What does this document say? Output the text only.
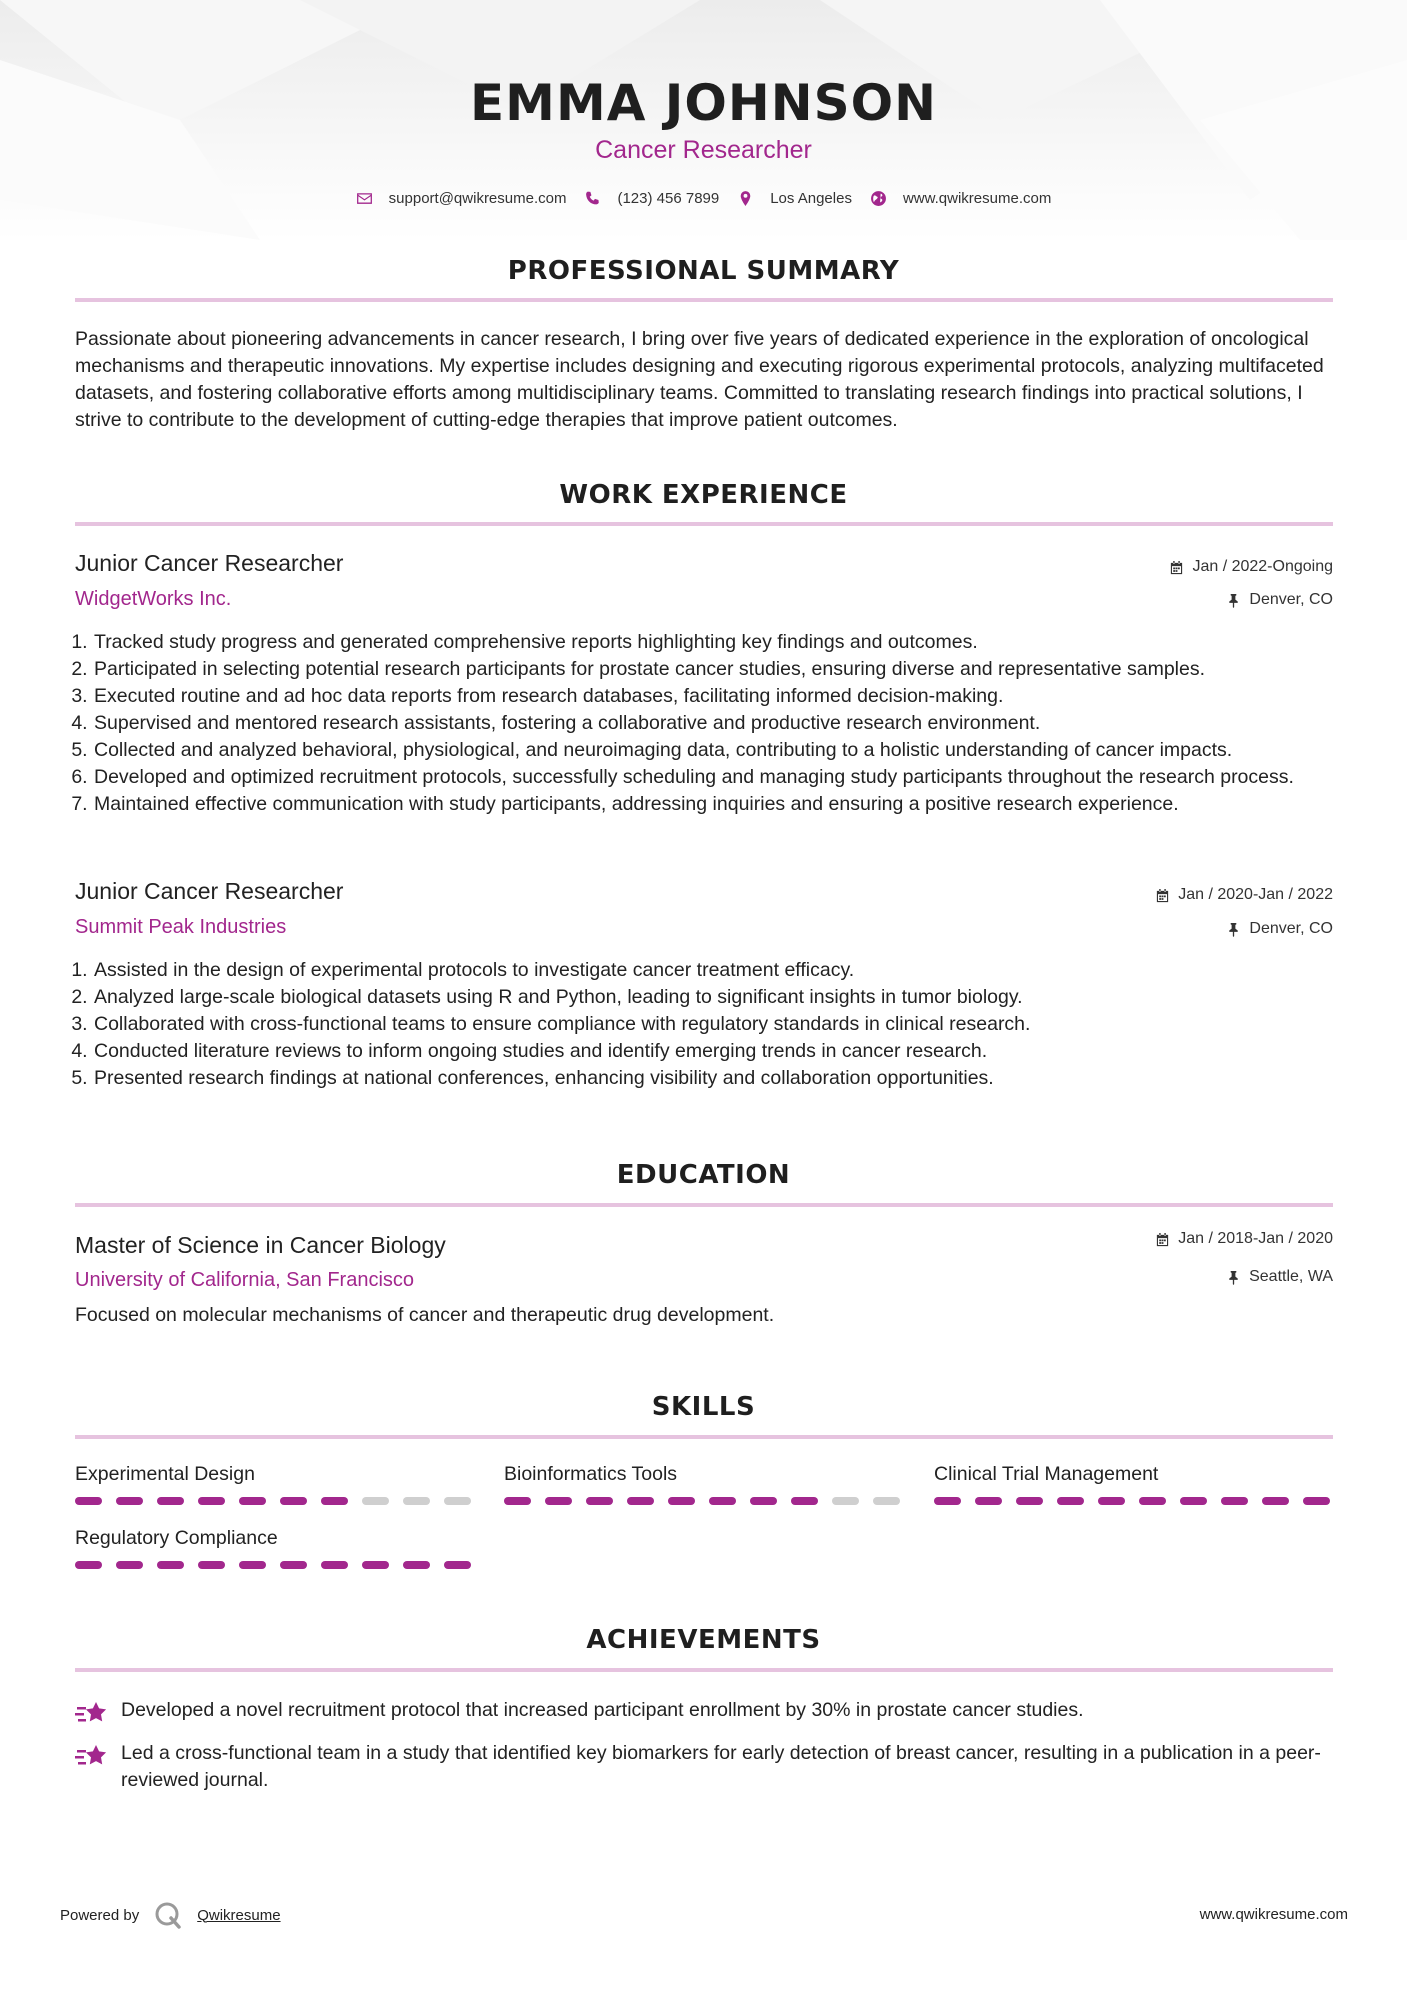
EMMA JOHNSON
Cancer Researcher
support@qwikresume.com	(123) 456 7899	Los Angeles	www.qwikresume.com
PROFESSIONAL SUMMARY
Passionate about pioneering advancements in cancer research, I bring over five years of dedicated experience in the exploration of oncological mechanisms and therapeutic innovations. My expertise includes designing and executing rigorous experimental protocols, analyzing multifaceted datasets, and fostering collaborative efforts among multidisciplinary teams. Committed to translating research findings into practical solutions, I strive to contribute to the development of cutting-edge therapies that improve patient outcomes.
WORK EXPERIENCE
Junior Cancer Researcher
WidgetWorks Inc.
Jan / 2022-Ongoing
Denver, CO
1. Tracked study progress and generated comprehensive reports highlighting key findings and outcomes.
2. Participated in selecting potential research participants for prostate cancer studies, ensuring diverse and representative samples.
3. Executed routine and ad hoc data reports from research databases, facilitating informed decision-making.
4. Supervised and mentored research assistants, fostering a collaborative and productive research environment.
5. Collected and analyzed behavioral, physiological, and neuroimaging data, contributing to a holistic understanding of cancer impacts.
6. Developed and optimized recruitment protocols, successfully scheduling and managing study participants throughout the research process.
7. Maintained effective communication with study participants, addressing inquiries and ensuring a positive research experience.
Junior Cancer Researcher
Summit Peak Industries
Jan / 2020-Jan / 2022
Denver, CO
1. Assisted in the design of experimental protocols to investigate cancer treatment efficacy.
2. Analyzed large-scale biological datasets using R and Python, leading to significant insights in tumor biology.
3. Collaborated with cross-functional teams to ensure compliance with regulatory standards in clinical research.
4. Conducted literature reviews to inform ongoing studies and identify emerging trends in cancer research.
5. Presented research findings at national conferences, enhancing visibility and collaboration opportunities.
EDUCATION
Master of Science in Cancer Biology
University of California, San Francisco
Jan / 2018-Jan / 2020
Seattle, WA
Focused on molecular mechanisms of cancer and therapeutic drug development.
SKILLS
Experimental Design	Bioinformatics Tools	Clinical Trial Management
Regulatory Compliance
ACHIEVEMENTS
Developed a novel recruitment protocol that increased participant enrollment by 30% in prostate cancer studies.
Led a cross-functional team in a study that identified key biomarkers for early detection of breast cancer, resulting in a publication in a peer-reviewed journal.
Powered by	Qwikresume	www.qwikresume.com
